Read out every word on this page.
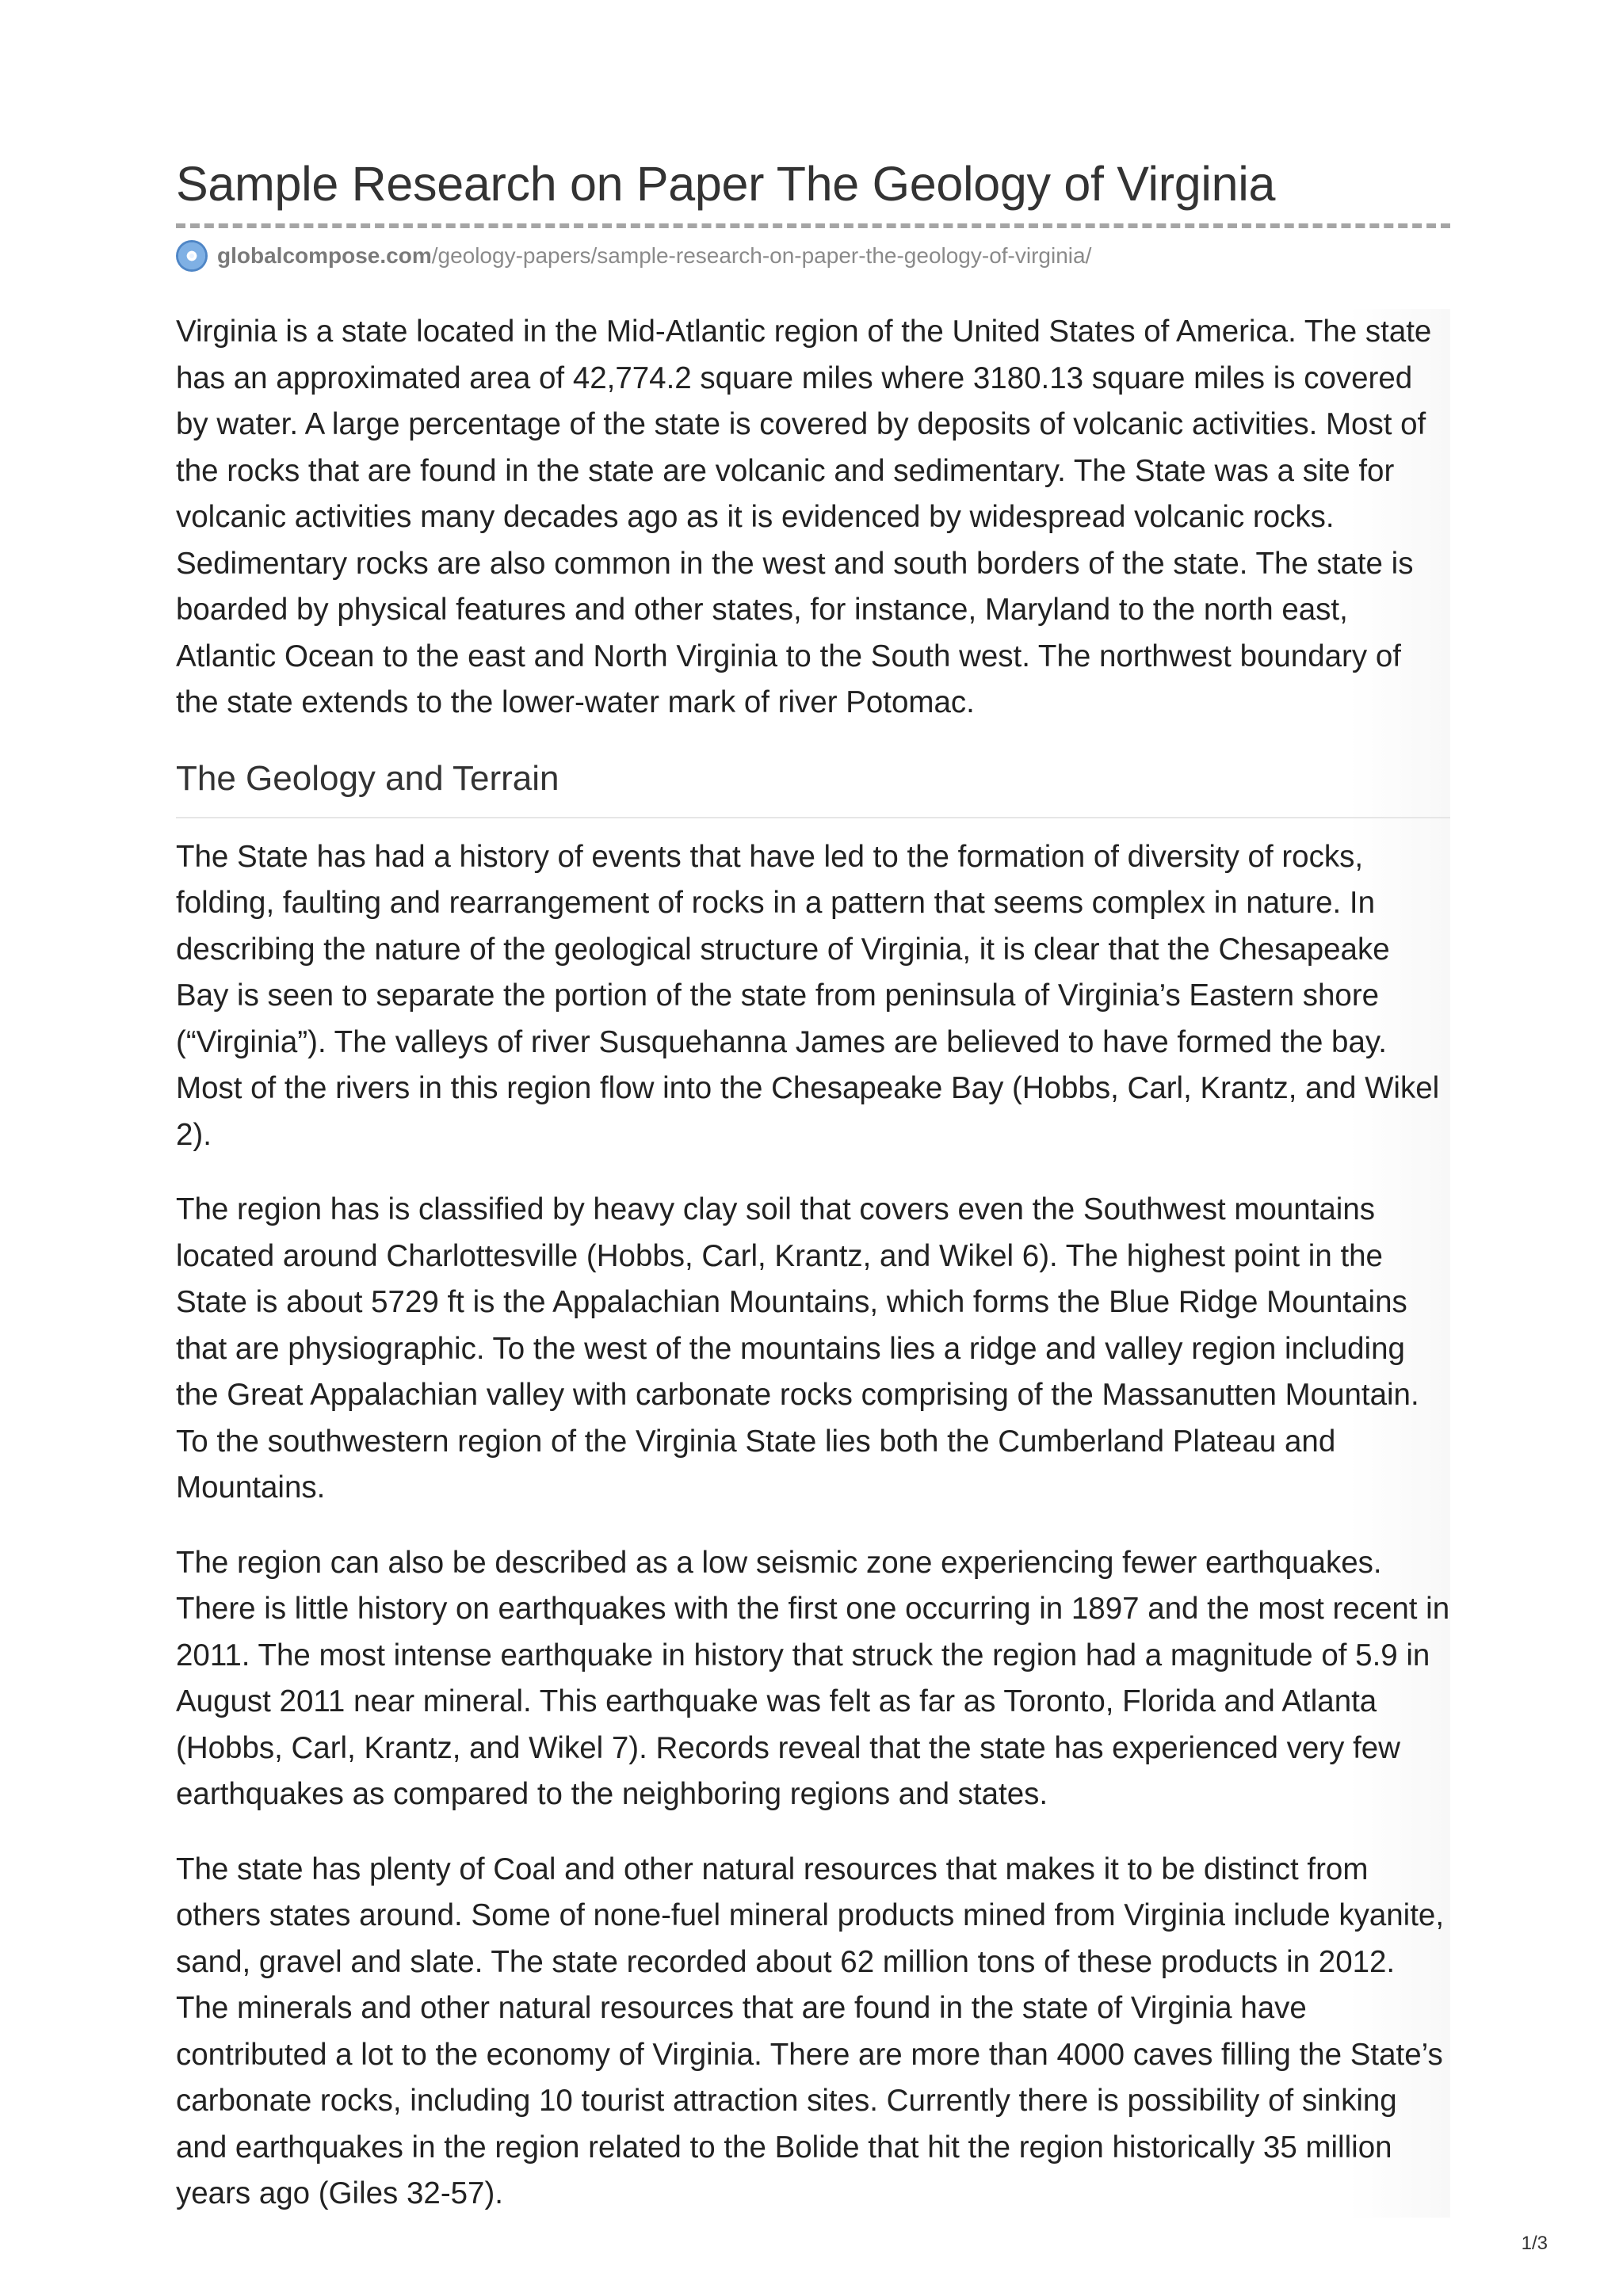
Sample Research on Paper The Geology of Virginia
globalcompose.com/geology-papers/sample-research-on-paper-the-geology-of-virginia/

Virginia is a state located in the Mid-Atlantic region of the United States of America. The state has an approximated area of 42,774.2 square miles where 3180.13 square miles is covered by water. A large percentage of the state is covered by deposits of volcanic activities. Most of the rocks that are found in the state are volcanic and sedimentary. The State was a site for volcanic activities many decades ago as it is evidenced by widespread volcanic rocks. Sedimentary rocks are also common in the west and south borders of the state. The state is boarded by physical features and other states, for instance, Maryland to the north east, Atlantic Ocean to the east and North Virginia to the South west. The northwest boundary of the state extends to the lower-water mark of river Potomac.

The Geology and Terrain

The State has had a history of events that have led to the formation of diversity of rocks, folding, faulting and rearrangement of rocks in a pattern that seems complex in nature. In describing the nature of the geological structure of Virginia, it is clear that the Chesapeake Bay is seen to separate the portion of the state from peninsula of Virginia’s Eastern shore (“Virginia”). The valleys of river Susquehanna James are believed to have formed the bay. Most of the rivers in this region flow into the Chesapeake Bay (Hobbs, Carl, Krantz, and Wikel 2).

The region has is classified by heavy clay soil that covers even the Southwest mountains located around Charlottesville (Hobbs, Carl, Krantz, and Wikel 6). The highest point in the State is about 5729 ft is the Appalachian Mountains, which forms the Blue Ridge Mountains that are physiographic. To the west of the mountains lies a ridge and valley region including the Great Appalachian valley with carbonate rocks comprising of the Massanutten Mountain. To the southwestern region of the Virginia State lies both the Cumberland Plateau and Mountains.

The region can also be described as a low seismic zone experiencing fewer earthquakes. There is little history on earthquakes with the first one occurring in 1897 and the most recent in 2011. The most intense earthquake in history that struck the region had a magnitude of 5.9 in August 2011 near mineral. This earthquake was felt as far as Toronto, Florida and Atlanta (Hobbs, Carl, Krantz, and Wikel 7). Records reveal that the state has experienced very few earthquakes as compared to the neighboring regions and states.

The state has plenty of Coal and other natural resources that makes it to be distinct from others states around. Some of none-fuel mineral products mined from Virginia include kyanite, sand, gravel and slate. The state recorded about 62 million tons of these products in 2012. The minerals and other natural resources that are found in the state of Virginia have contributed a lot to the economy of Virginia. There are more than 4000 caves filling the State’s carbonate rocks, including 10 tourist attraction sites. Currently there is possibility of sinking and earthquakes in the region related to the Bolide that hit the region historically 35 million years ago (Giles 32-57).

1/3
